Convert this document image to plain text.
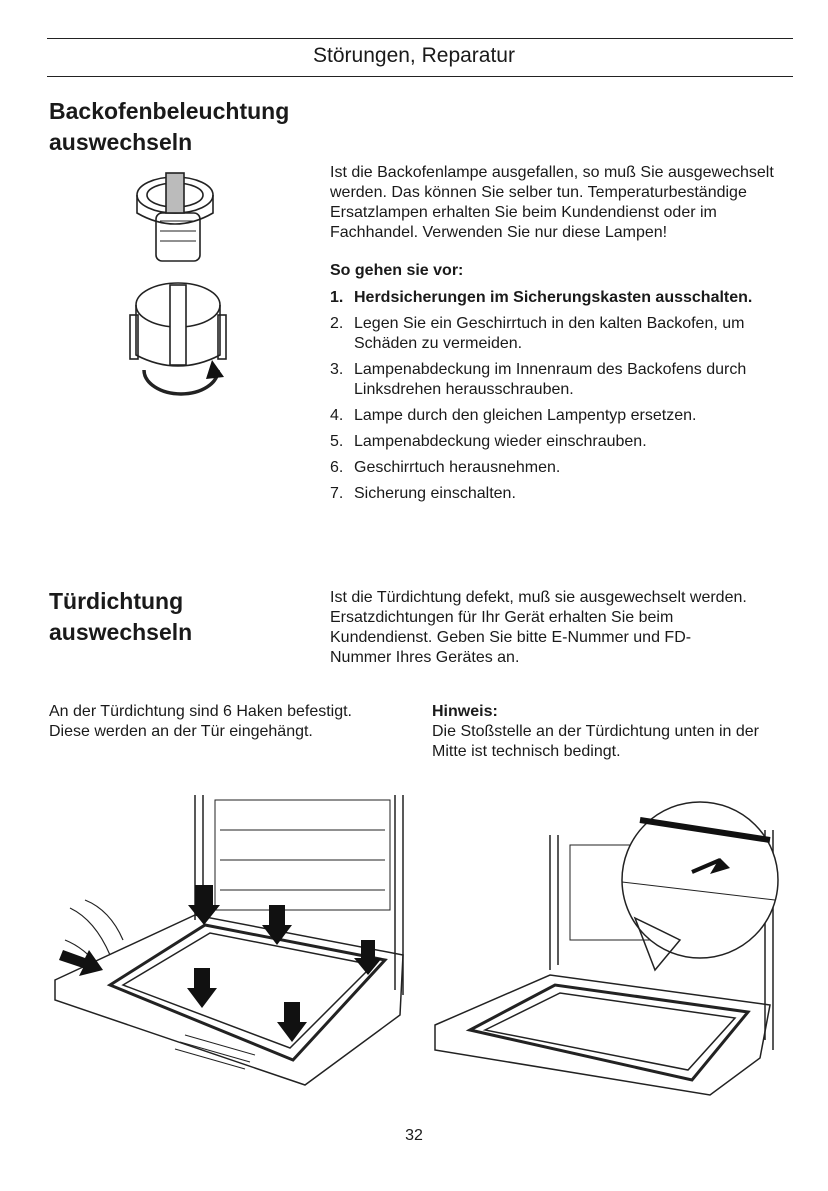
Störungen, Reparatur
Backofenbeleuchtung
auswechseln
Ist die Backofenlampe ausgefallen, so muß Sie ausgewechselt werden. Das können Sie selber tun. Temperaturbeständige Ersatzlampen erhalten Sie beim Kundendienst oder im Fachhandel. Verwenden Sie nur diese Lampen!
So gehen sie vor:
1. Herdsicherungen im Sicherungskasten ausschalten.
2. Legen Sie ein Geschirrtuch in den kalten Backofen, um Schäden zu vermeiden.
3. Lampenabdeckung im Innenraum des Backofens durch Linksdrehen herausschrauben.
4. Lampe durch den gleichen Lampentyp ersetzen.
5. Lampenabdeckung wieder einschrauben.
6. Geschirrtuch herausnehmen.
7. Sicherung einschalten.
Türdichtung
auswechseln
Ist die Türdichtung defekt, muß sie ausgewechselt werden. Ersatzdichtungen für Ihr Gerät erhalten Sie beim Kundendienst. Geben Sie bitte E-Nummer und FD-Nummer Ihres Gerätes an.
An der Türdichtung sind 6 Haken befestigt. Diese werden an der Tür eingehängt.
Hinweis:
Die Stoßstelle an der Türdichtung unten in der Mitte ist technisch bedingt.
32
